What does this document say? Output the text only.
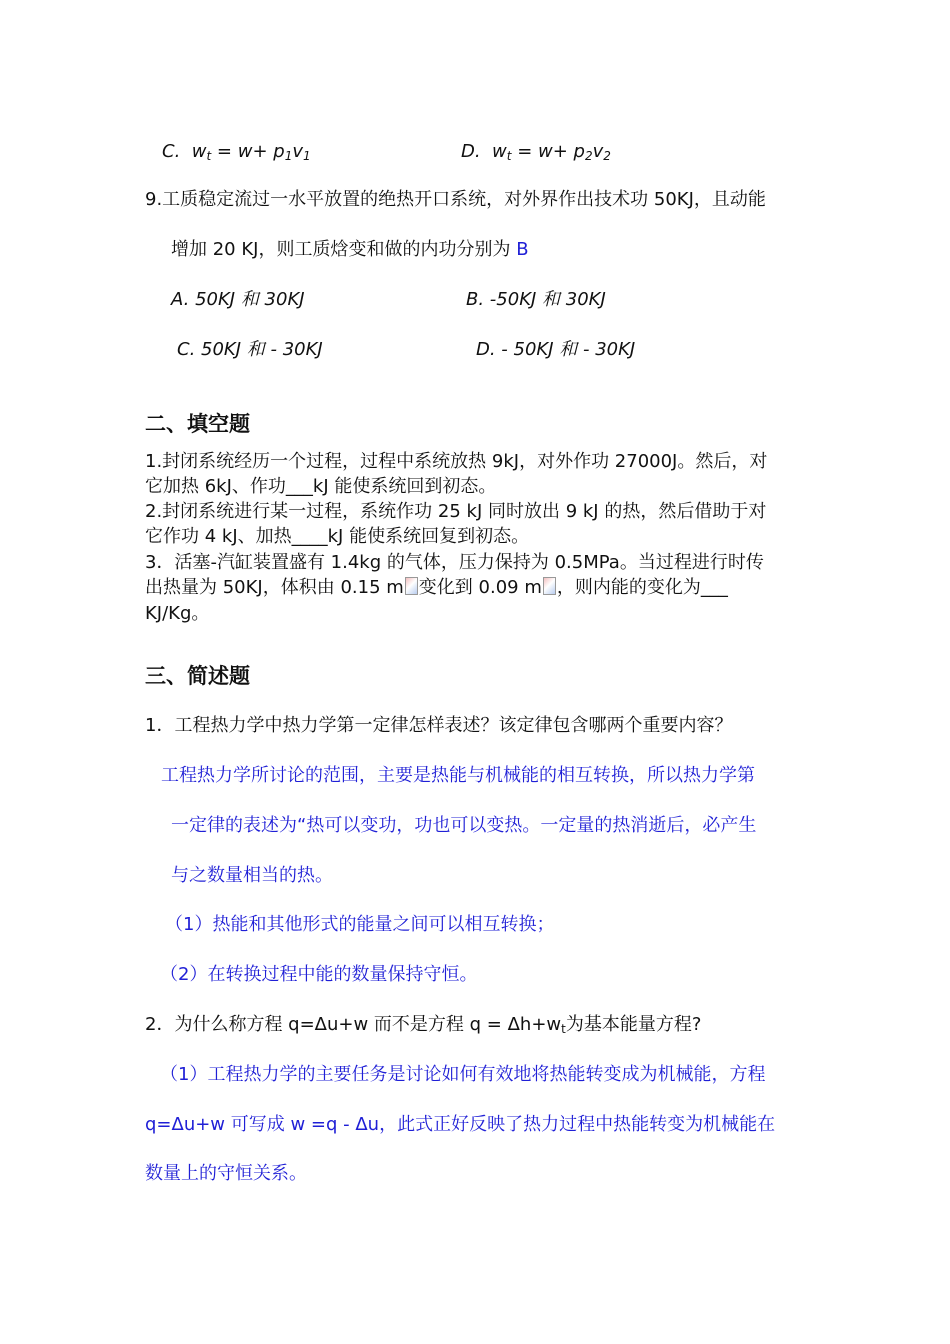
C. $w_t = w+ p_1v_1$	D. $w_t = w+ p_2v_2$
9.工质稳定流过一水平放置的绝热开口系统，对外界作出技术功 50KJ，且动能
增加 20 KJ，则工质焓变和做的内功分别为 B
A. 50KJ 和 30KJ	B. -50KJ 和 30KJ
C. 50KJ 和 - 30KJ	D. - 50KJ 和 - 30KJ
二、填空题
1.封闭系统经历一个过程，过程中系统放热 9kJ，对外作功 27000J。然后，对
它加热 6kJ、作功___kJ 能使系统回到初态。
2.封闭系统进行某一过程，系统作功 25 kJ 同时放出 9 kJ 的热，然后借助于对
它作功 4 kJ、加热____kJ 能使系统回复到初态。
3．活塞-汽缸装置盛有 1.4kg 的气体，压力保持为 0.5MPa。当过程进行时传
出热量为 50KJ，体积由 0.15 m 变化到 0.09 m ，则内能的变化为___
KJ/Kg。
三、简述题
1．工程热力学中热力学第一定律怎样表述？该定律包含哪两个重要内容？
工程热力学所讨论的范围，主要是热能与机械能的相互转换，所以热力学第
一定律的表述为“热可以变功，功也可以变热。一定量的热消逝后，必产生
与之数量相当的热。
（1）热能和其他形式的能量之间可以相互转换；
（2）在转换过程中能的数量保持守恒。
2．为什么称方程 q=Δu+w 而不是方程 $q = \Delta h+w_t$为基本能量方程?
（1）工程热力学的主要任务是讨论如何有效地将热能转变成为机械能，方程
q=Δu+w 可写成 w =q - Δu，此式正好反映了热力过程中热能转变为机械能在
数量上的守恒关系。
